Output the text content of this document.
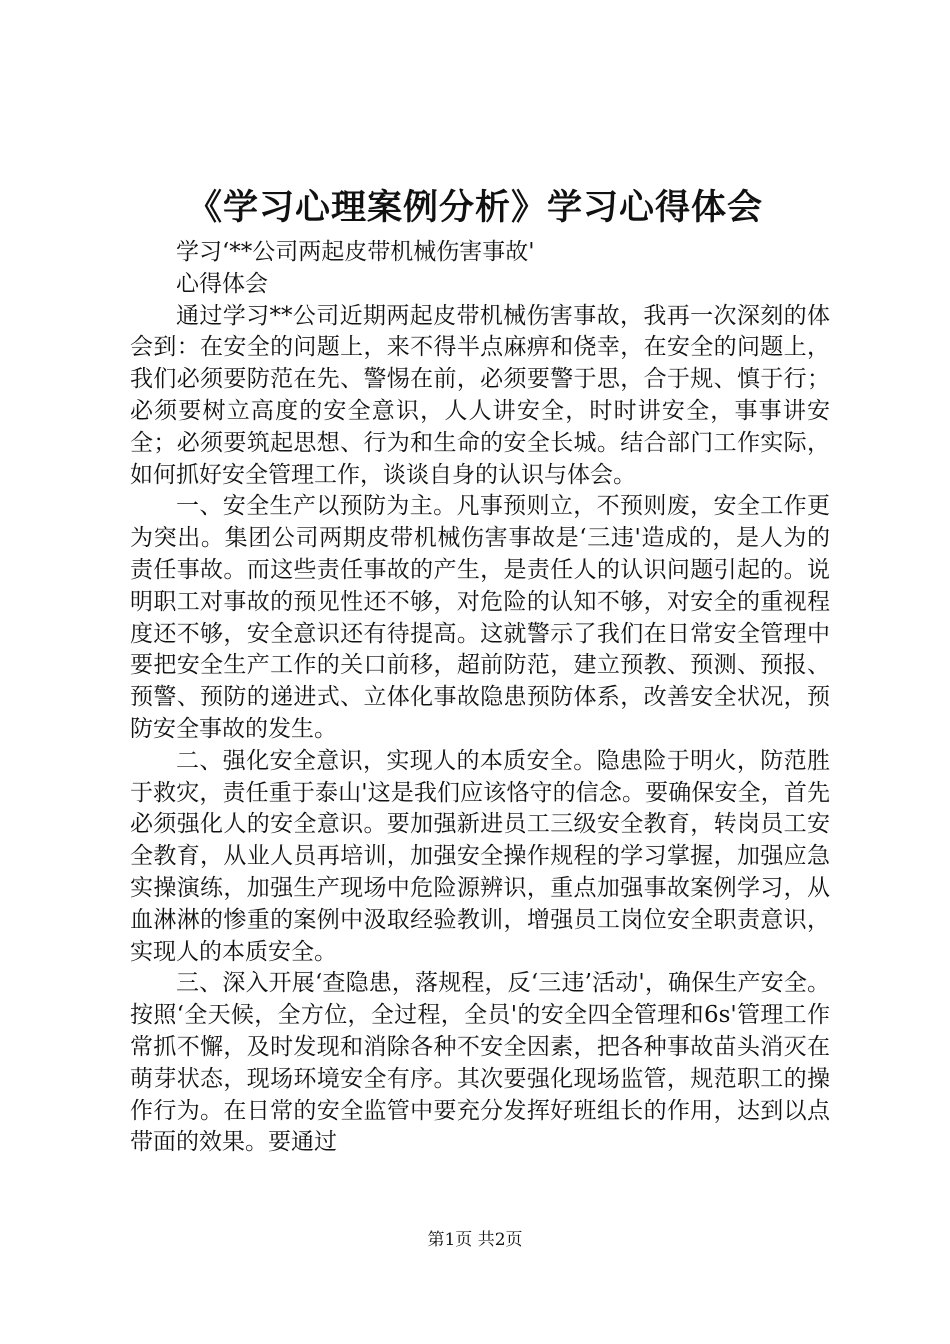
《学习心理案例分析》学习心得体会

学习‘**公司两起皮带机械伤害事故'

心得体会

通过学习**公司近期两起皮带机械伤害事故，我再一次深刻的体会到：在安全的问题上，来不得半点麻痹和侥幸，在安全的问题上，我们必须要防范在先、警惕在前，必须要警于思，合于规、慎于行；必须要树立高度的安全意识，人人讲安全，时时讲安全，事事讲安全；必须要筑起思想、行为和生命的安全长城。结合部门工作实际，如何抓好安全管理工作，谈谈自身的认识与体会。

一、安全生产以预防为主。凡事预则立，不预则废，安全工作更为突出。集团公司两期皮带机械伤害事故是‘三违'造成的，是人为的责任事故。而这些责任事故的产生，是责任人的认识问题引起的。说明职工对事故的预见性还不够，对危险的认知不够，对安全的重视程度还不够，安全意识还有待提高。这就警示了我们在日常安全管理中要把安全生产工作的关口前移，超前防范，建立预教、预测、预报、预警、预防的递进式、立体化事故隐患预防体系，改善安全状况，预防安全事故的发生。

二、强化安全意识，实现人的本质安全。隐患险于明火，防范胜于救灾，责任重于泰山'这是我们应该恪守的信念。要确保安全，首先必须强化人的安全意识。要加强新进员工三级安全教育，转岗员工安全教育，从业人员再培训，加强安全操作规程的学习掌握，加强应急实操演练，加强生产现场中危险源辨识，重点加强事故案例学习，从血淋淋的惨重的案例中汲取经验教训，增强员工岗位安全职责意识，实现人的本质安全。

三、深入开展‘查隐患，落规程，反‘三违’活动'，确保生产安全。按照‘全天候，全方位，全过程，全员'的安全四全管理和6s'管理工作常抓不懈，及时发现和消除各种不安全因素，把各种事故苗头消灭在萌芽状态，现场环境安全有序。其次要强化现场监管，规范职工的操作行为。在日常的安全监管中要充分发挥好班组长的作用，达到以点带面的效果。要通过

第1页 共2页
